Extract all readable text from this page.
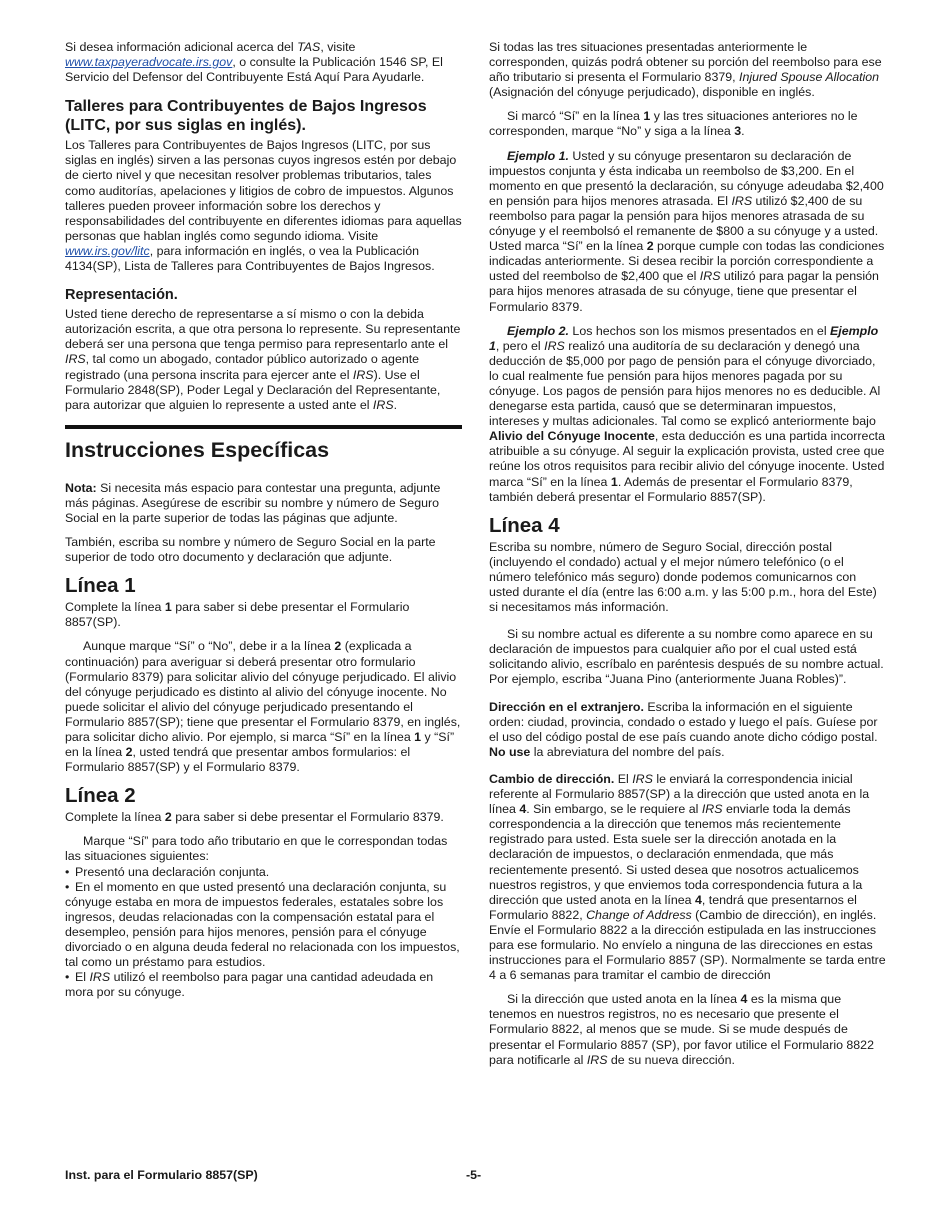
Si desea información adicional acerca del TAS, visite www.taxpayeradvocate.irs.gov, o consulte la Publicación 1546 SP, El Servicio del Defensor del Contribuyente Está Aquí Para Ayudarle.

Talleres para Contribuyentes de Bajos Ingresos (LITC, por sus siglas en inglés).

Los Talleres para Contribuyentes de Bajos Ingresos (LITC, por sus siglas en inglés) sirven a las personas cuyos ingresos estén por debajo de cierto nivel y que necesitan resolver problemas tributarios, tales como auditorías, apelaciones y litigios de cobro de impuestos. Algunos talleres pueden proveer información sobre los derechos y responsabilidades del contribuyente en diferentes idiomas para aquellas personas que hablan inglés como segundo idioma. Visite www.irs.gov/litc, para información en inglés, o vea la Publicación 4134(SP), Lista de Talleres para Contribuyentes de Bajos Ingresos.

Representación.

Usted tiene derecho de representarse a sí mismo o con la debida autorización escrita, a que otra persona lo represente. Su representante deberá ser una persona que tenga permiso para representarlo ante el IRS, tal como un abogado, contador público autorizado o agente registrado (una persona inscrita para ejercer ante el IRS). Use el Formulario 2848(SP), Poder Legal y Declaración del Representante, para autorizar que alguien lo represente a usted ante el IRS.

Instrucciones Específicas

Nota: Si necesita más espacio para contestar una pregunta, adjunte más páginas. Asegúrese de escribir su nombre y número de Seguro Social en la parte superior de todas las páginas que adjunte.

También, escriba su nombre y número de Seguro Social en la parte superior de todo otro documento y declaración que adjunte.

Línea 1

Complete la línea 1 para saber si debe presentar el Formulario 8857(SP).

Aunque marque “Sí” o “No”, debe ir a la línea 2 (explicada a continuación) para averiguar si deberá presentar otro formulario (Formulario 8379) para solicitar alivio del cónyuge perjudicado. El alivio del cónyuge perjudicado es distinto al alivio del cónyuge inocente. No puede solicitar el alivio del cónyuge perjudicado presentando el Formulario 8857(SP); tiene que presentar el Formulario 8379, en inglés, para solicitar dicho alivio. Por ejemplo, si marca “Sí” en la línea 1 y “Sí” en la línea 2, usted tendrá que presentar ambos formularios: el Formulario 8857(SP) y el Formulario 8379.

Línea 2

Complete la línea 2 para saber si debe presentar el Formulario 8379.

Marque “Sí” para todo año tributario en que le correspondan todas las situaciones siguientes:

• Presentó una declaración conjunta.

• En el momento en que usted presentó una declaración conjunta, su cónyuge estaba en mora de impuestos federales, estatales sobre los ingresos, deudas relacionadas con la compensación estatal para el desempleo, pensión para hijos menores, pensión para el cónyuge divorciado o en alguna deuda federal no relacionada con los impuestos, tal como un préstamo para estudios.

• El IRS utilizó el reembolso para pagar una cantidad adeudada en mora por su cónyuge.

Si todas las tres situaciones presentadas anteriormente le corresponden, quizás podrá obtener su porción del reembolso para ese año tributario si presenta el Formulario 8379, Injured Spouse Allocation (Asignación del cónyuge perjudicado), disponible en inglés.

Si marcó “Sí” en la línea 1 y las tres situaciones anteriores no le corresponden, marque “No” y siga a la línea 3.

Ejemplo 1. Usted y su cónyuge presentaron su declaración de impuestos conjunta y ésta indicaba un reembolso de $3,200. En el momento en que presentó la declaración, su cónyuge adeudaba $2,400 en pensión para hijos menores atrasada. El IRS utilizó $2,400 de su reembolso para pagar la pensión para hijos menores atrasada de su cónyuge y el reembolsó el remanente de $800 a su cónyuge y a usted. Usted marca “Sí” en la línea 2 porque cumple con todas las condiciones indicadas anteriormente. Si desea recibir la porción correspondiente a usted del reembolso de $2,400 que el IRS utilizó para pagar la pensión para hijos menores atrasada de su cónyuge, tiene que presentar el Formulario 8379.

Ejemplo 2. Los hechos son los mismos presentados en el Ejemplo 1, pero el IRS realizó una auditoría de su declaración y denegó una deducción de $5,000 por pago de pensión para el cónyuge divorciado, lo cual realmente fue pensión para hijos menores pagada por su cónyuge. Los pagos de pensión para hijos menores no es deducible. Al denegarse esta partida, causó que se determinaran impuestos, intereses y multas adicionales. Tal como se explicó anteriormente bajo Alivio del Cónyuge Inocente, esta deducción es una partida incorrecta atribuible a su cónyuge. Al seguir la explicación provista, usted cree que reúne los otros requisitos para recibir alivio del cónyuge inocente. Usted marca “Sí” en la línea 1. Además de presentar el Formulario 8379, también deberá presentar el Formulario 8857(SP).

Línea 4

Escriba su nombre, número de Seguro Social, dirección postal (incluyendo el condado) actual y el mejor número telefónico (o el número telefónico más seguro) donde podemos comunicarnos con usted durante el día (entre las 6:00 a.m. y las 5:00 p.m., hora del Este) si necesitamos más información.

Si su nombre actual es diferente a su nombre como aparece en su declaración de impuestos para cualquier año por el cual usted está solicitando alivio, escríbalo en paréntesis después de su nombre actual. Por ejemplo, escriba “Juana Pino (anteriormente Juana Robles)”.

Dirección en el extranjero. Escriba la información en el siguiente orden: ciudad, provincia, condado o estado y luego el país. Guíese por el uso del código postal de ese país cuando anote dicho código postal. No use la abreviatura del nombre del país.

Cambio de dirección. El IRS le enviará la correspondencia inicial referente al Formulario 8857(SP) a la dirección que usted anota en la línea 4. Sin embargo, se le requiere al IRS enviarle toda la demás correspondencia a la dirección que tenemos más recientemente registrado para usted. Esta suele ser la dirección anotada en la declaración de impuestos, o declaración enmendada, que más recientemente presentó. Si usted desea que nosotros actualicemos nuestros registros, y que enviemos toda correspondencia futura a la dirección que usted anota en la línea 4, tendrá que presentarnos el Formulario 8822, Change of Address (Cambio de dirección), en inglés. Envíe el Formulario 8822 a la dirección estipulada en las instrucciones para ese formulario. No envíelo a ninguna de las direcciones en estas instrucciones para el Formulario 8857 (SP). Normalmente se tarda entre 4 a 6 semanas para tramitar el cambio de dirección

Si la dirección que usted anota en la línea 4 es la misma que tenemos en nuestros registros, no es necesario que presente el Formulario 8822, al menos que se mude. Si se mude después de presentar el Formulario 8857 (SP), por favor utilice el Formulario 8822 para notificarle al IRS de su nueva dirección.

Inst. para el Formulario 8857(SP)	-5-
